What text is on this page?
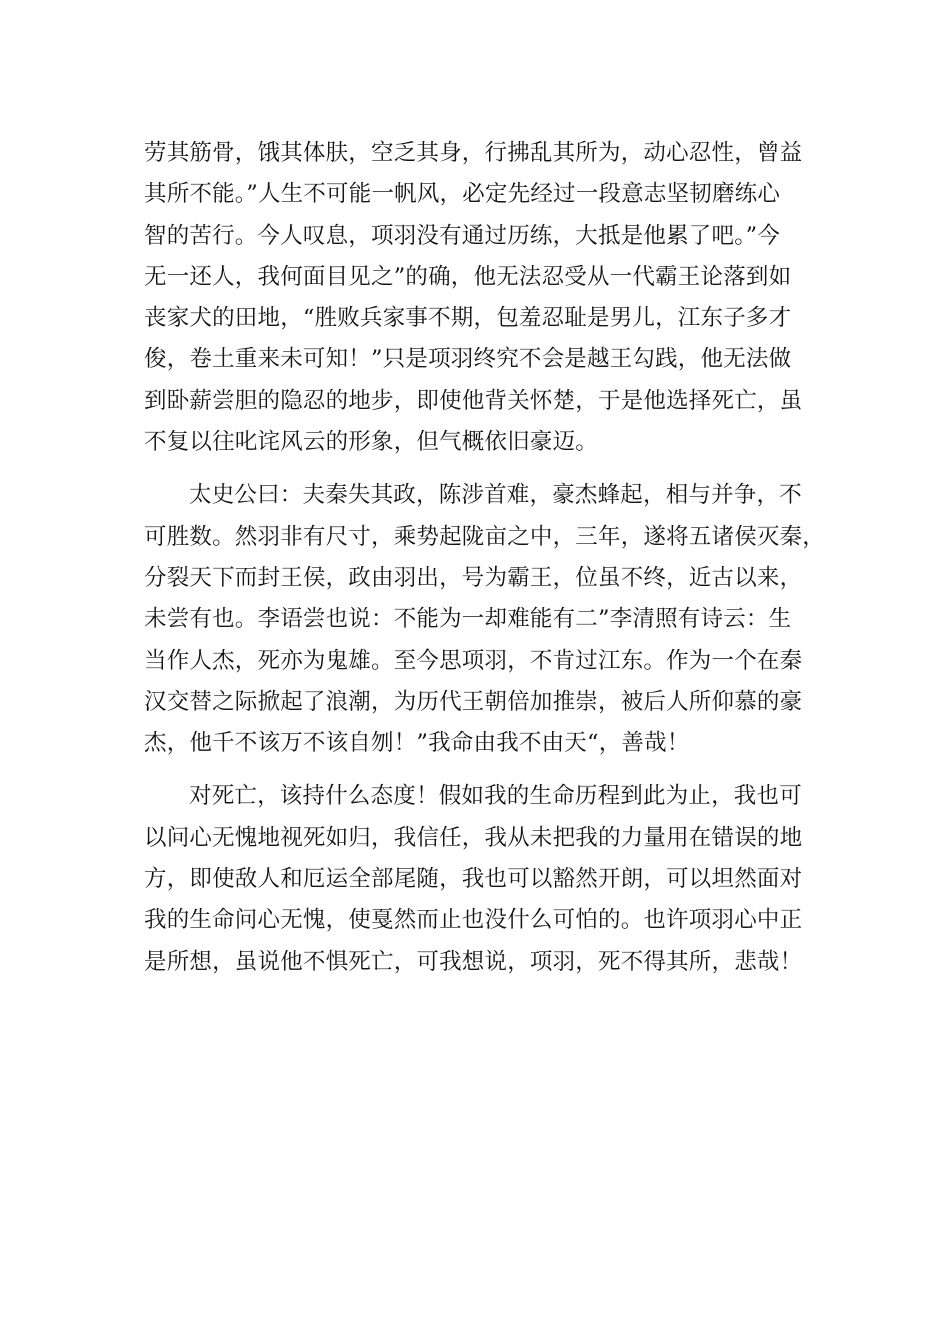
劳其筋骨，饿其体肤，空乏其身，行拂乱其所为，动心忍性，曾益
其所不能。”人生不可能一帆风，必定先经过一段意志坚韧磨练心
智的苦行。今人叹息，项羽没有通过历练，大抵是他累了吧。”今
无一还人，我何面目见之”的确，他无法忍受从一代霸王论落到如
丧家犬的田地，“胜败兵家事不期，包羞忍耻是男儿，江东子多才
俊，卷土重来未可知！”只是项羽终究不会是越王勾践，他无法做
到卧薪尝胆的隐忍的地步，即使他背关怀楚，于是他选择死亡，虽
不复以往叱诧风云的形象，但气概依旧豪迈。
太史公曰：夫秦失其政，陈涉首难，豪杰蜂起，相与并争，不
可胜数。然羽非有尺寸，乘势起陇亩之中，三年，遂将五诸侯灭秦，
分裂天下而封王侯，政由羽出，号为霸王，位虽不终，近古以来，
未尝有也。李语尝也说：不能为一却难能有二”李清照有诗云：生
当作人杰，死亦为鬼雄。至今思项羽，不肯过江东。作为一个在秦
汉交替之际掀起了浪潮，为历代王朝倍加推崇，被后人所仰慕的豪
杰，他千不该万不该自刎！”我命由我不由天“，善哉！
对死亡，该持什么态度！假如我的生命历程到此为止，我也可
以问心无愧地视死如归，我信任，我从未把我的力量用在错误的地
方，即使敌人和厄运全部尾随，我也可以豁然开朗，可以坦然面对
我的生命问心无愧，使戛然而止也没什么可怕的。也许项羽心中正
是所想，虽说他不惧死亡，可我想说，项羽，死不得其所，悲哉！
